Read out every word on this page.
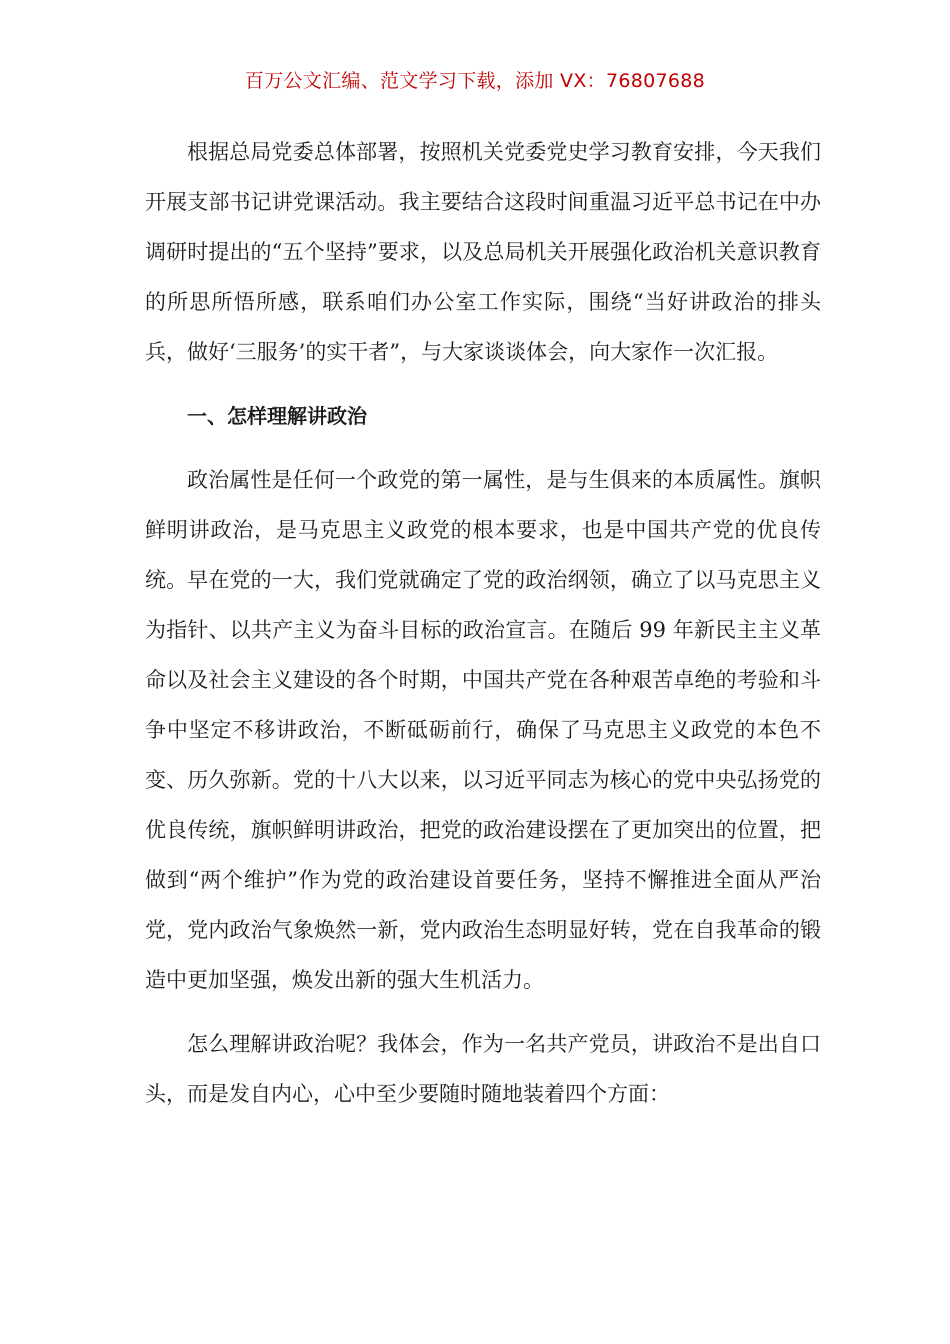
百万公文汇编、范文学习下载，添加 VX：76807688

根据总局党委总体部署，按照机关党委党史学习教育安排，今天我们开展支部书记讲党课活动。我主要结合这段时间重温习近平总书记在中办调研时提出的“五个坚持”要求，以及总局机关开展强化政治机关意识教育的所思所悟所感，联系咱们办公室工作实际，围绕“当好讲政治的排头兵，做好‘三服务’的实干者”，与大家谈谈体会，向大家作一次汇报。

一、怎样理解讲政治

政治属性是任何一个政党的第一属性，是与生俱来的本质属性。旗帜鲜明讲政治，是马克思主义政党的根本要求，也是中国共产党的优良传统。早在党的一大，我们党就确定了党的政治纲领，确立了以马克思主义为指针、以共产主义为奋斗目标的政治宣言。在随后 99 年新民主主义革命以及社会主义建设的各个时期，中国共产党在各种艰苦卓绝的考验和斗争中坚定不移讲政治，不断砥砺前行，确保了马克思主义政党的本色不变、历久弥新。党的十八大以来，以习近平同志为核心的党中央弘扬党的优良传统，旗帜鲜明讲政治，把党的政治建设摆在了更加突出的位置，把做到“两个维护”作为党的政治建设首要任务，坚持不懈推进全面从严治党，党内政治气象焕然一新，党内政治生态明显好转，党在自我革命的锻造中更加坚强，焕发出新的强大生机活力。

怎么理解讲政治呢？我体会，作为一名共产党员，讲政治不是出自口头，而是发自内心，心中至少要随时随地装着四个方面：
